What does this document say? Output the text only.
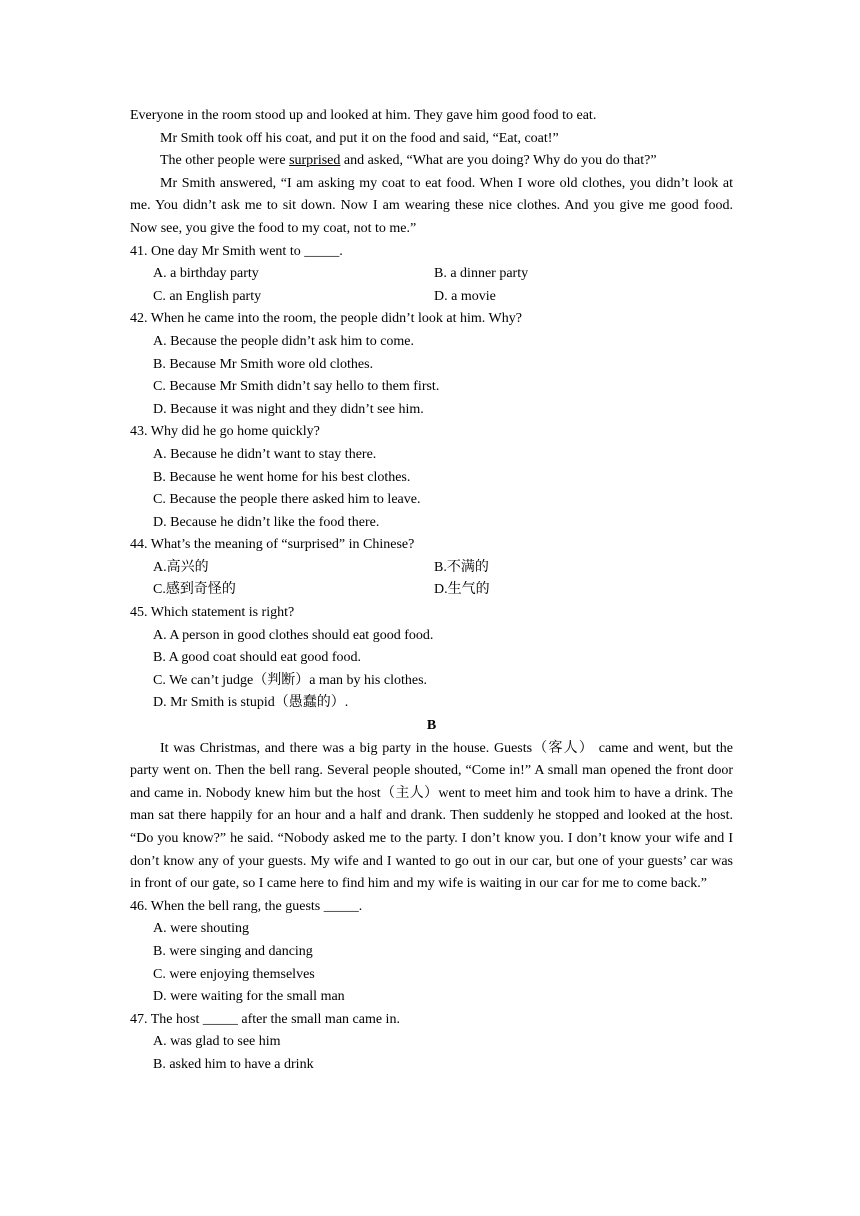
Everyone in the room stood up and looked at him. They gave him good food to eat.
Mr Smith took off his coat, and put it on the food and said, “Eat, coat!”
The other people were surprised and asked, “What are you doing? Why do you do that?”
Mr Smith answered, “I am asking my coat to eat food. When I wore old clothes, you didn’t look at me. You didn’t ask me to sit down. Now I am wearing these nice clothes. And you give me good food. Now see, you give the food to my coat, not to me.”
41. One day Mr Smith went to _____.
A. a birthday party	B. a dinner party
C. an English party	D. a movie
42. When he came into the room, the people didn’t look at him. Why?
A. Because the people didn’t ask him to come.
B. Because Mr Smith wore old clothes.
C. Because Mr Smith didn’t say hello to them first.
D. Because it was night and they didn’t see him.
43. Why did he go home quickly?
A. Because he didn’t want to stay there.
B. Because he went home for his best clothes.
C. Because the people there asked him to leave.
D. Because he didn’t like the food there.
44. What’s the meaning of “surprised” in Chinese?
A.高兴的	B.不满的
C.感到奇怪的	D.生气的
45. Which statement is right?
A. A person in good clothes should eat good food.
B. A good coat should eat good food.
C. We can’t judge（判断）a man by his clothes.
D. Mr Smith is stupid（愚蠢的）.
B
It was Christmas, and there was a big party in the house. Guests（客人） came and went, but the party went on. Then the bell rang. Several people shouted, “Come in!” A small man opened the front door and came in. Nobody knew him but the host（主人）went to meet him and took him to have a drink. The man sat there happily for an hour and a half and drank. Then suddenly he stopped and looked at the host. “Do you know?” he said. “Nobody asked me to the party. I don’t know you. I don’t know your wife and I don’t know any of your guests. My wife and I wanted to go out in our car, but one of your guests’ car was in front of our gate, so I came here to find him and my wife is waiting in our car for me to come back.”
46. When the bell rang, the guests _____.
A. were shouting
B. were singing and dancing
C. were enjoying themselves
D. were waiting for the small man
47. The host _____ after the small man came in.
A. was glad to see him
B. asked him to have a drink
